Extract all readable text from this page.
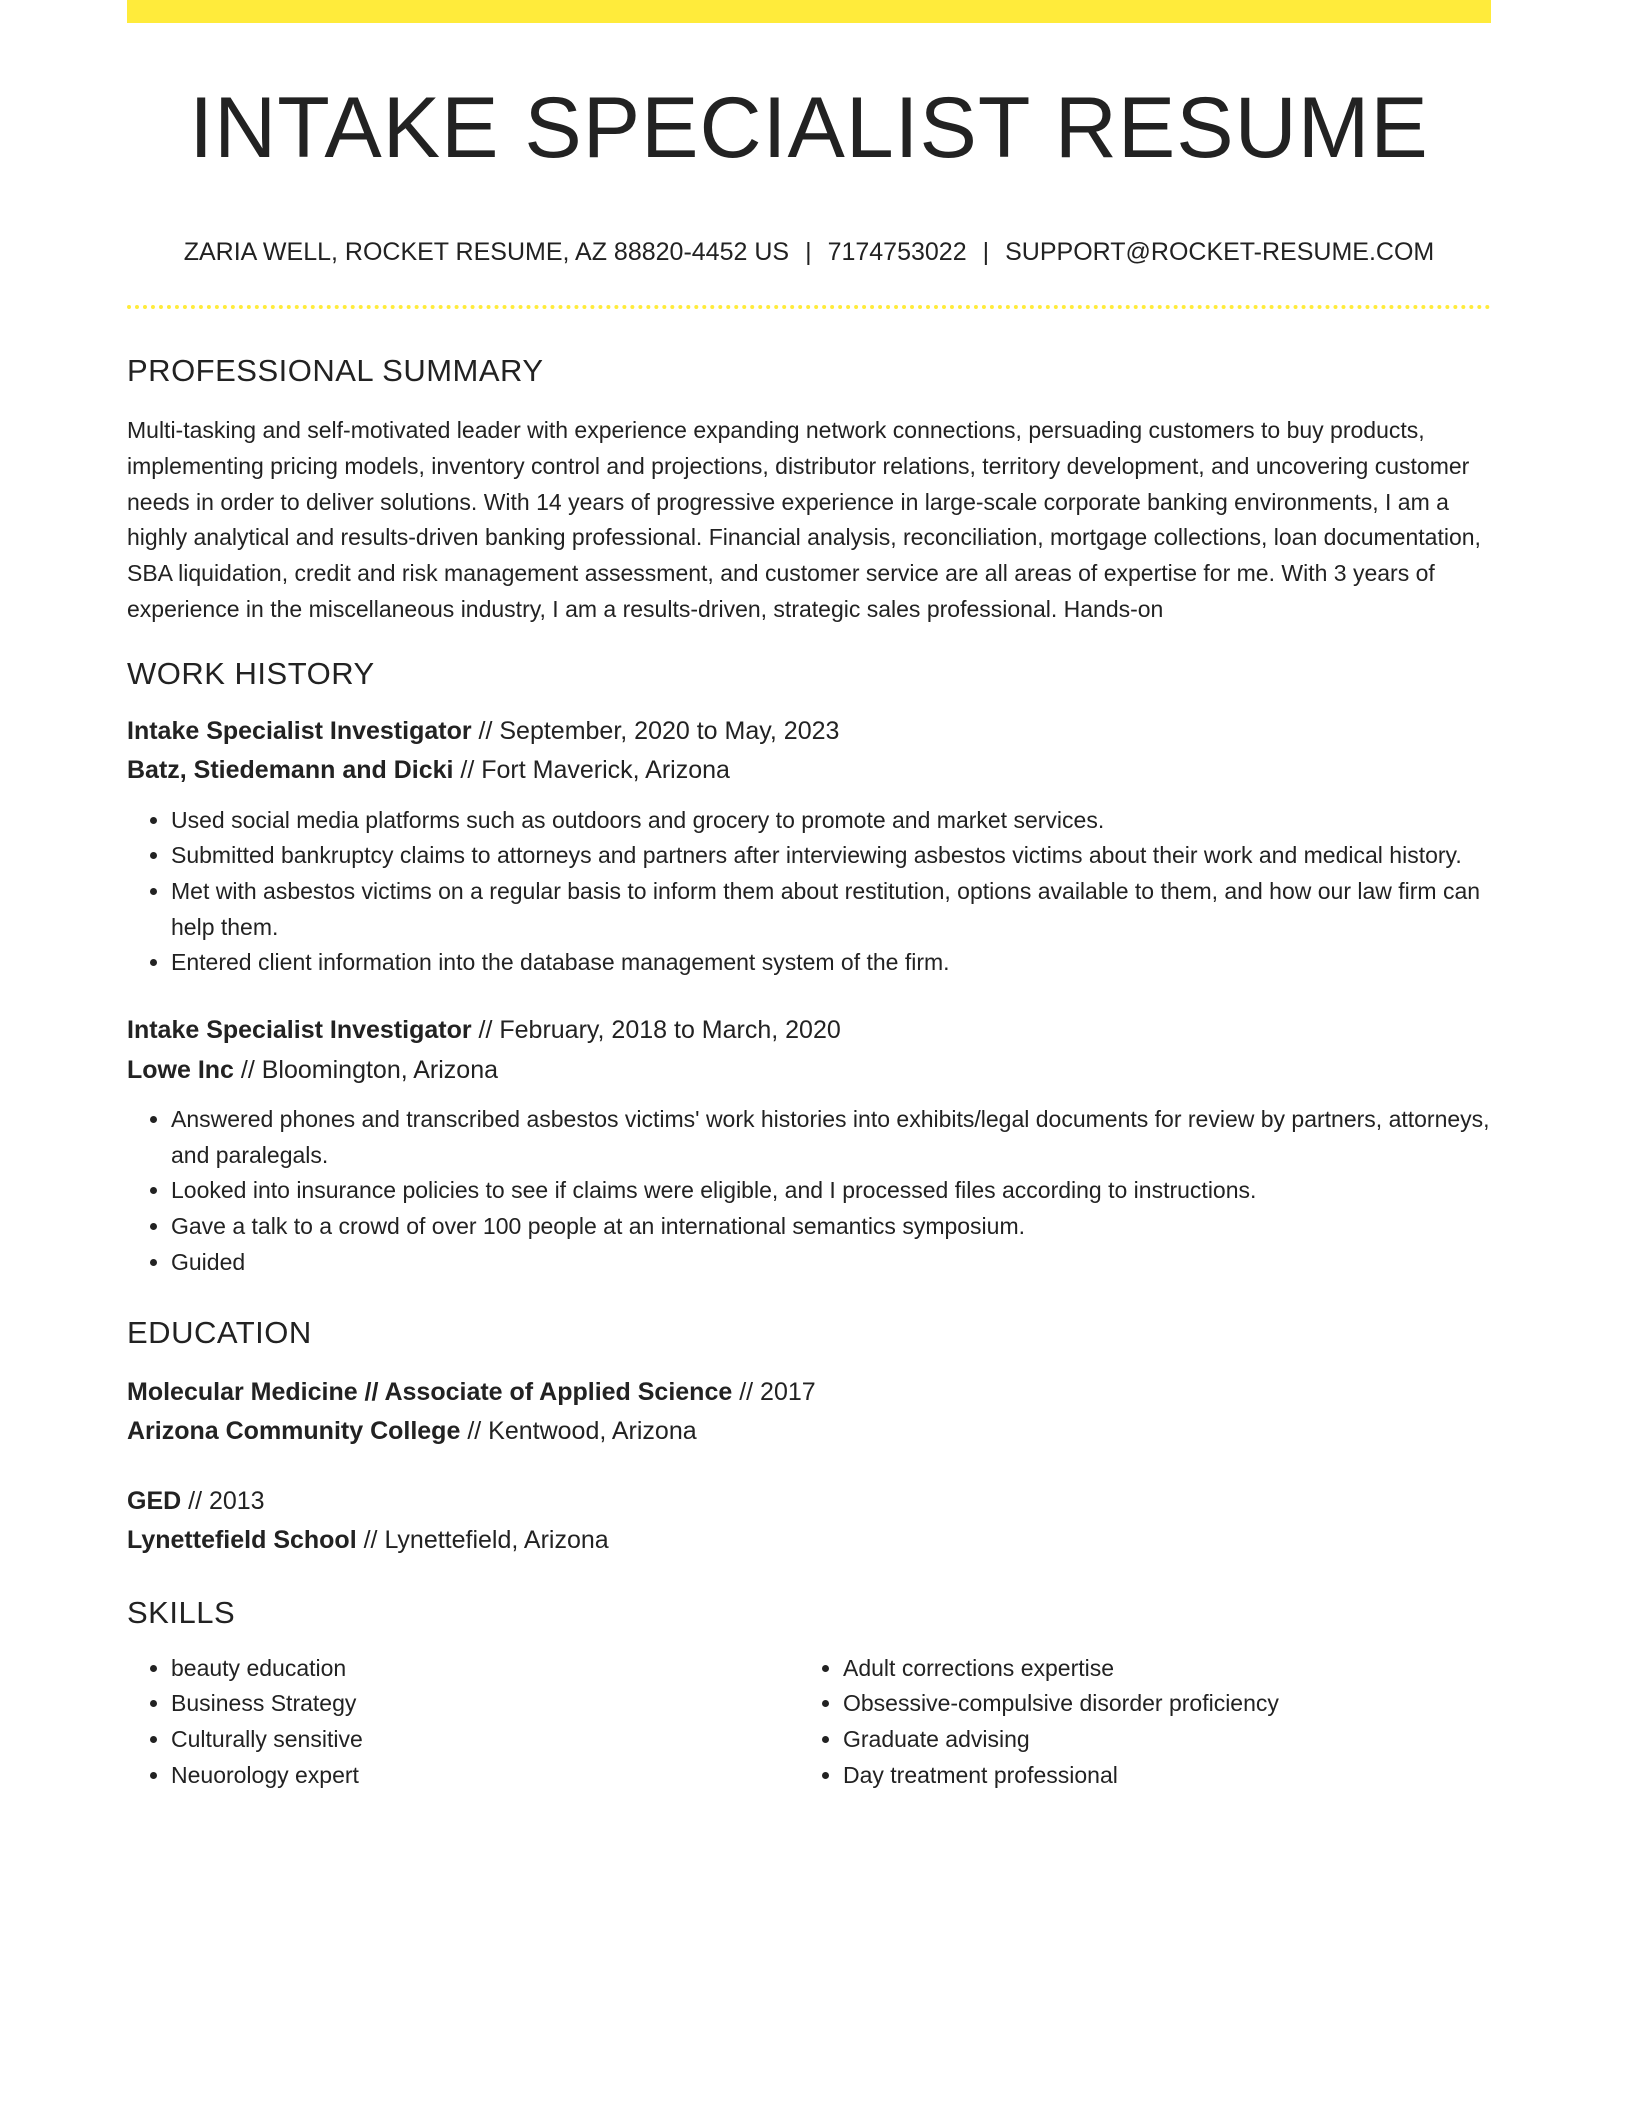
INTAKE SPECIALIST RESUME
ZARIA WELL, ROCKET RESUME, AZ 88820-4452 US | 7174753022 | SUPPORT@ROCKET-RESUME.COM
PROFESSIONAL SUMMARY
Multi-tasking and self-motivated leader with experience expanding network connections, persuading customers to buy products, implementing pricing models, inventory control and projections, distributor relations, territory development, and uncovering customer needs in order to deliver solutions. With 14 years of progressive experience in large-scale corporate banking environments, I am a highly analytical and results-driven banking professional. Financial analysis, reconciliation, mortgage collections, loan documentation, SBA liquidation, credit and risk management assessment, and customer service are all areas of expertise for me. With 3 years of experience in the miscellaneous industry, I am a results-driven, strategic sales professional. Hands-on
WORK HISTORY
Intake Specialist Investigator // September, 2020 to May, 2023
Batz, Stiedemann and Dicki // Fort Maverick, Arizona
• Used social media platforms such as outdoors and grocery to promote and market services.
• Submitted bankruptcy claims to attorneys and partners after interviewing asbestos victims about their work and medical history.
• Met with asbestos victims on a regular basis to inform them about restitution, options available to them, and how our law firm can help them.
• Entered client information into the database management system of the firm.
Intake Specialist Investigator // February, 2018 to March, 2020
Lowe Inc // Bloomington, Arizona
• Answered phones and transcribed asbestos victims' work histories into exhibits/legal documents for review by partners, attorneys, and paralegals.
• Looked into insurance policies to see if claims were eligible, and I processed files according to instructions.
• Gave a talk to a crowd of over 100 people at an international semantics symposium.
• Guided
EDUCATION
Molecular Medicine // Associate of Applied Science // 2017
Arizona Community College // Kentwood, Arizona
GED // 2013
Lynettefield School // Lynettefield, Arizona
SKILLS
• beauty education
• Business Strategy
• Culturally sensitive
• Neuorology expert
• Adult corrections expertise
• Obsessive-compulsive disorder proficiency
• Graduate advising
• Day treatment professional
